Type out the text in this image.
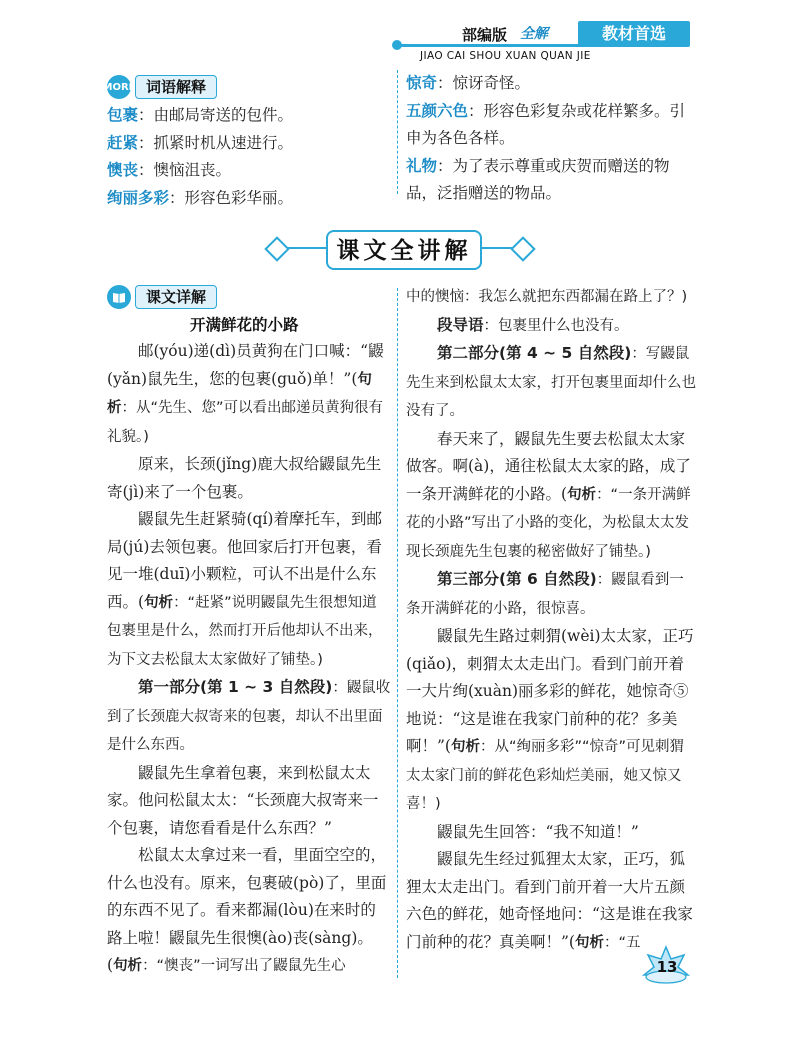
部编版 全解	教材首选
JIAO CAI SHOU XUAN QUAN JIE
MORE 词语解释
包裹：由邮局寄送的包件。
赶紧：抓紧时机从速进行。
懊丧：懊恼沮丧。
绚丽多彩：形容色彩华丽。
惊奇：惊讶奇怪。
五颜六色：形容色彩复杂或花样繁多。引申为各色各样。
礼物：为了表示尊重或庆贺而赠送的物品，泛指赠送的物品。
课文全讲解
课文详解
开满鲜花的小路

邮(yóu)递(dì)员黄狗在门口喊：“鼹(yǎn)鼠先生，您的包裹(guǒ)单！”(句析：从“先生、您”可以看出邮递员黄狗很有礼貌。)

原来，长颈(jǐng)鹿大叔给鼹鼠先生寄(jì)来了一个包裹。

鼹鼠先生赶紧骑(qí)着摩托车，到邮局(jú)去领包裹。他回家后打开包裹，看见一堆(duī)小颗粒，可认不出是什么东西。(句析：“赶紧”说明鼹鼠先生很想知道包裹里是什么，然而打开后他却认不出来，为下文去松鼠太太家做好了铺垫。)

第一部分(第 1 ~ 3 自然段)：鼹鼠收到了长颈鹿大叔寄来的包裹，却认不出里面是什么东西。

鼹鼠先生拿着包裹，来到松鼠太太家。他问松鼠太太：“长颈鹿大叔寄来一个包裹，请您看看是什么东西？”

松鼠太太拿过来一看，里面空空的，什么也没有。原来，包裹破(pò)了，里面的东西不见了。看来都漏(lòu)在来时的路上啦！鼹鼠先生很懊(ào)丧(sàng)。(句析：“懊丧”一词写出了鼹鼠先生心

中的懊恼：我怎么就把东西都漏在路上了？)

段导语：包裹里什么也没有。

第二部分(第 4 ~ 5 自然段)：写鼹鼠先生来到松鼠太太家，打开包裹里面却什么也没有了。

春天来了，鼹鼠先生要去松鼠太太家做客。啊(à)，通往松鼠太太家的路，成了一条开满鲜花的小路。(句析：“一条开满鲜花的小路”写出了小路的变化，为松鼠太太发现长颈鹿先生包裹的秘密做好了铺垫。)

第三部分(第 6 自然段)：鼹鼠看到一条开满鲜花的小路，很惊喜。

鼹鼠先生路过刺猬(wèi)太太家，正巧(qiǎo)，刺猬太太走出门。看到门前开着一大片绚(xuàn)丽多彩的鲜花，她惊奇⑤地说：“这是谁在我家门前种的花？多美啊！”(句析：从“绚丽多彩”“惊奇”可见刺猬太太家门前的鲜花色彩灿烂美丽，她又惊又喜！)

鼹鼠先生回答：“我不知道！”

鼹鼠先生经过狐狸太太家，正巧，狐狸太太走出门。看到门前开着一大片五颜六色的鲜花，她奇怪地问：“这是谁在我家门前种的花？真美啊！”(句析：“五

13
